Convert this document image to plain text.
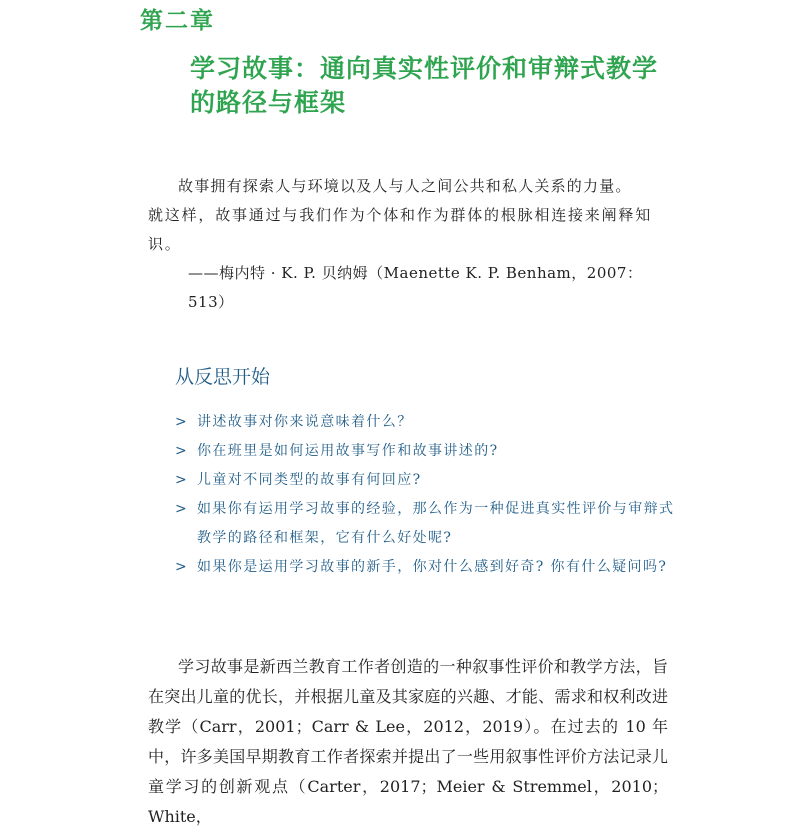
第二章
学习故事：通向真实性评价和审辩式教学的路径与框架

故事拥有探索人与环境以及人与人之间公共和私人关系的力量。

就这样，故事通过与我们作为个体和作为群体的根脉相连接来阐释知识。

——梅内特 · K. P. 贝纳姆（Maenette K. P. Benham，2007：513）

从反思开始
> 讲述故事对你来说意味着什么？
> 你在班里是如何运用故事写作和故事讲述的?
> 儿童对不同类型的故事有何回应?
> 如果你有运用学习故事的经验，那么作为一种促进真实性评价与审辩式教学的路径和框架，它有什么好处呢?
> 如果你是运用学习故事的新手，你对什么感到好奇? 你有什么疑问吗?

学习故事是新西兰教育工作者创造的一种叙事性评价和教学方法，旨在突出儿童的优长，并根据儿童及其家庭的兴趣、才能、需求和权利改进教学（Carr，2001；Carr & Lee，2012，2019）。在过去的 10 年中，许多美国早期教育工作者探索并提出了一些用叙事性评价方法记录儿童学习的创新观点（Carter，2017；Meier & Stremmel，2010；White，
